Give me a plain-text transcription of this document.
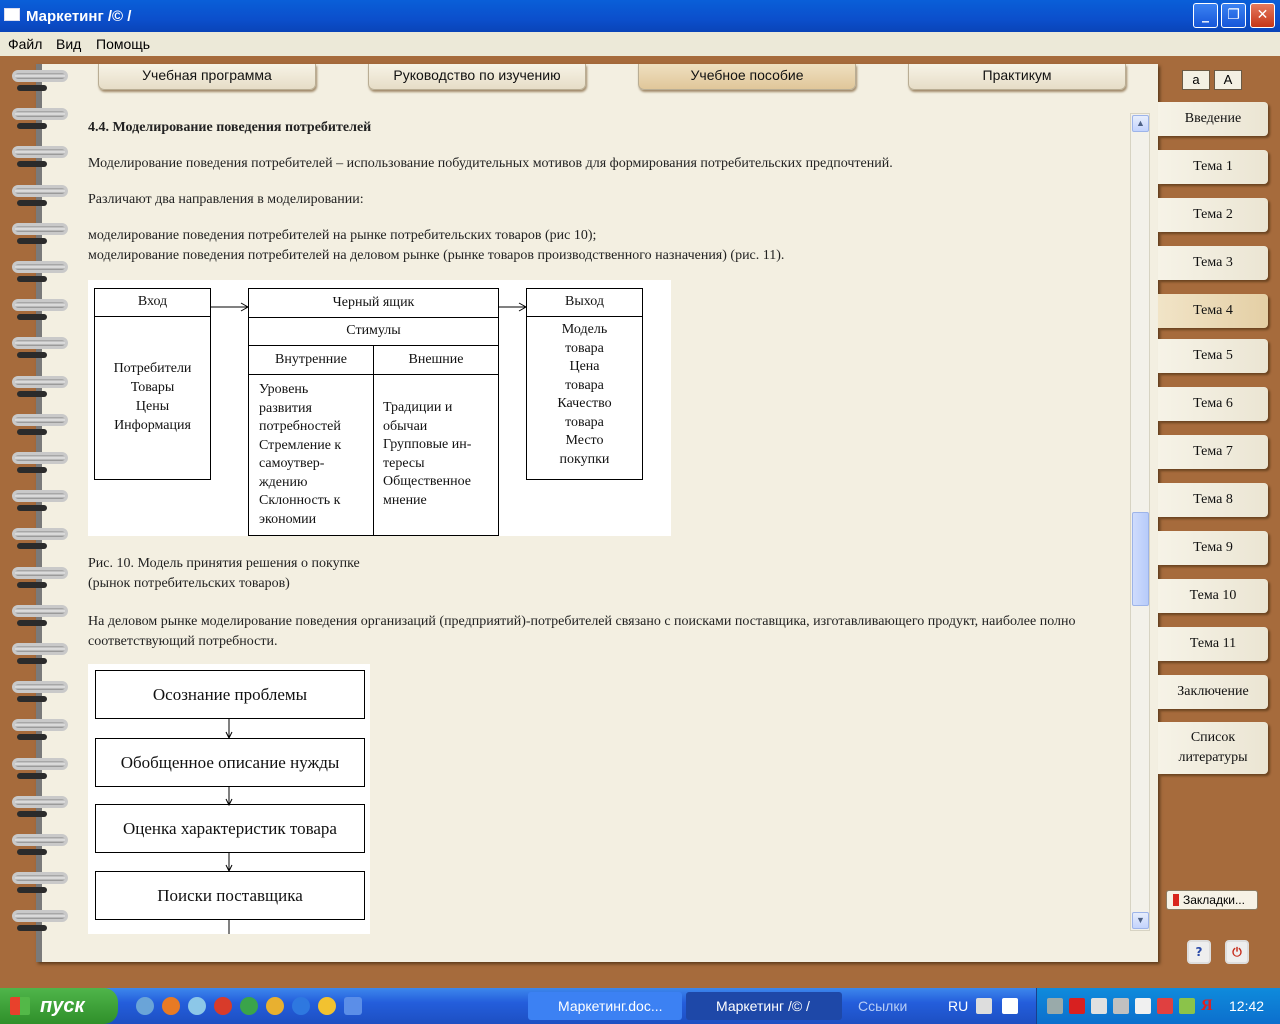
Маркетинг /© /	_	❐	✕
Файл Вид Помощь
Учебная программа	Руководство по изучению	Учебное пособие	Практикум	a	A

4.4. Моделирование поведения потребителей

Моделирование поведения потребителей – использование побудительных мотивов для формирования потребительских предпочтений.

Различают два направления в моделировании:

◆ моделирование поведения потребителей на рынке потребительских товаров (рис 10);

◆ моделирование поведения потребителей на деловом рынке (рынке товаров производственного назначения) (рис. 11).

Вход
Потребители
Товары
Цены
Информация
Черный ящик
Стимулы
Внутренние	Внешние
Уровень
развития
потребностей
Стремление к
самоутвер-
ждению
Склонность к
экономии
Традиции и
обычаи
Групповые ин-
тересы
Общественное
мнение
Выход
Модель
товара
Цена
товара
Качество
товара
Место
покупки

Рис. 10. Модель принятия решения о покупке

(рынок потребительских товаров)

На деловом рынке моделирование поведения организаций (предприятий)-потребителей связано с поисками поставщика, изготавливающего продукт, наиболее полно соответствующий потребности.

Осознание проблемы
Обобщенное описание нужды
Оценка характеристик товара
Поиски поставщика
▲
▼
Введение
Тема 1
Тема 2
Тема 3
Тема 4
Тема 5
Тема 6
Тема 7
Тема 8
Тема 9
Тема 10
Тема 11
Заключение
Список литературы
Закладки...
?	⏻
пуск	Маркетинг.doc...	Маркетинг /© /	Ссылки	RU	Я	12:42
